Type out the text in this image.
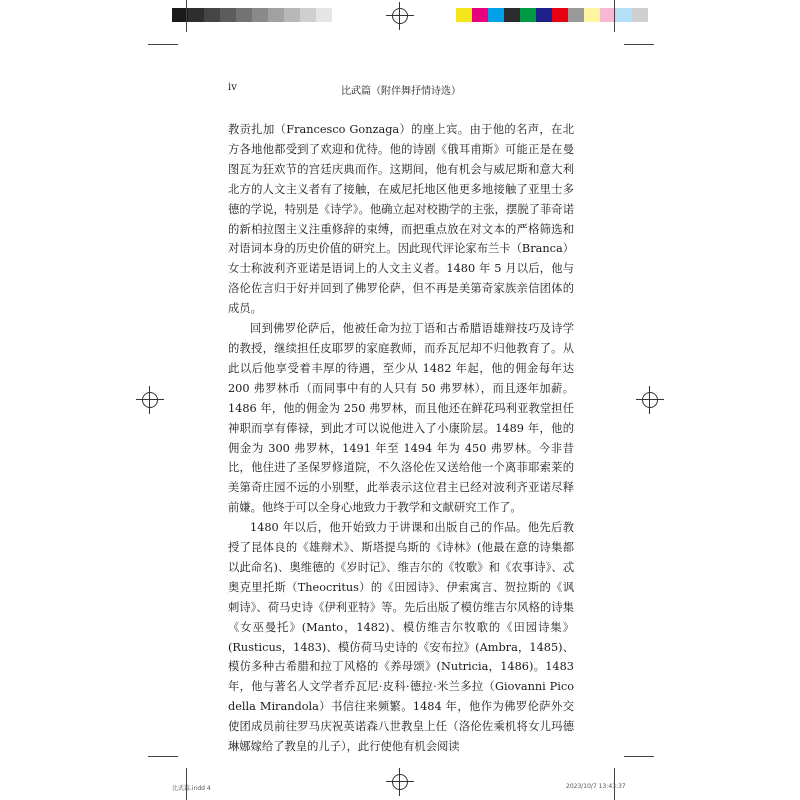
iv	比武篇（附伴舞抒情诗选）

教贡扎加（Francesco Gonzaga）的座上宾。由于他的名声，在北方各地他都受到了欢迎和优待。他的诗剧《俄耳甫斯》可能正是在曼图瓦为狂欢节的宫廷庆典而作。这期间，他有机会与威尼斯和意大利北方的人文主义者有了接触，在威尼托地区他更多地接触了亚里士多德的学说，特别是《诗学》。他确立起对校勘学的主张，摆脱了菲奇诺的新柏拉图主义注重修辞的束缚，而把重点放在对文本的严格筛选和对语词本身的历史价值的研究上。因此现代评论家布兰卡（Branca）女士称波利齐亚诺是语词上的人文主义者。1480 年 5 月以后，他与洛伦佐言归于好并回到了佛罗伦萨，但不再是美第奇家族亲信团体的成员。

回到佛罗伦萨后，他被任命为拉丁语和古希腊语雄辩技巧及诗学的教授，继续担任皮耶罗的家庭教师，而乔瓦尼却不归他教育了。从此以后他享受着丰厚的待遇，至少从 1482 年起，他的佣金每年达 200 弗罗林币（而同事中有的人只有 50 弗罗林），而且逐年加薪。1486 年，他的佣金为 250 弗罗林，而且他还在鲜花玛利亚教堂担任神职而享有俸禄，到此才可以说他进入了小康阶层。1489 年，他的佣金为 300 弗罗林，1491 年至 1494 年为 450 弗罗林。今非昔比，他住进了圣保罗修道院，不久洛伦佐又送给他一个离菲耶索莱的美第奇庄园不远的小别墅，此举表示这位君主已经对波利齐亚诺尽释前嫌。他终于可以全身心地致力于教学和文献研究工作了。

1480 年以后，他开始致力于讲课和出版自己的作品。他先后教授了昆体良的《雄辩术》、斯塔提乌斯的《诗林》(他最在意的诗集都以此命名)、奥维德的《岁时记》、维吉尔的《牧歌》和《农事诗》、忒奥克里托斯（Theocritus）的《田园诗》、伊索寓言、贺拉斯的《讽刺诗》、荷马史诗《伊利亚特》等。先后出版了模仿维吉尔风格的诗集《女巫曼托》(Manto，1482)、模仿维吉尔牧歌的《田园诗集》(Rusticus，1483)、模仿荷马史诗的《安布拉》(Ambra，1485)、模仿多种古希腊和拉丁风格的《养母颂》(Nutricia，1486)。1483 年，他与著名人文学者乔瓦尼·皮科·德拉·米兰多拉（Giovanni Pico della Mirandola）书信往来频繁。1484 年，他作为佛罗伦萨外交使团成员前往罗马庆祝英诺森八世教皇上任（洛伦佐乘机将女儿玛德琳娜嫁给了教皇的儿子），此行使他有机会阅读

比武篇.indd 4	2023/10/7 13:43:37
